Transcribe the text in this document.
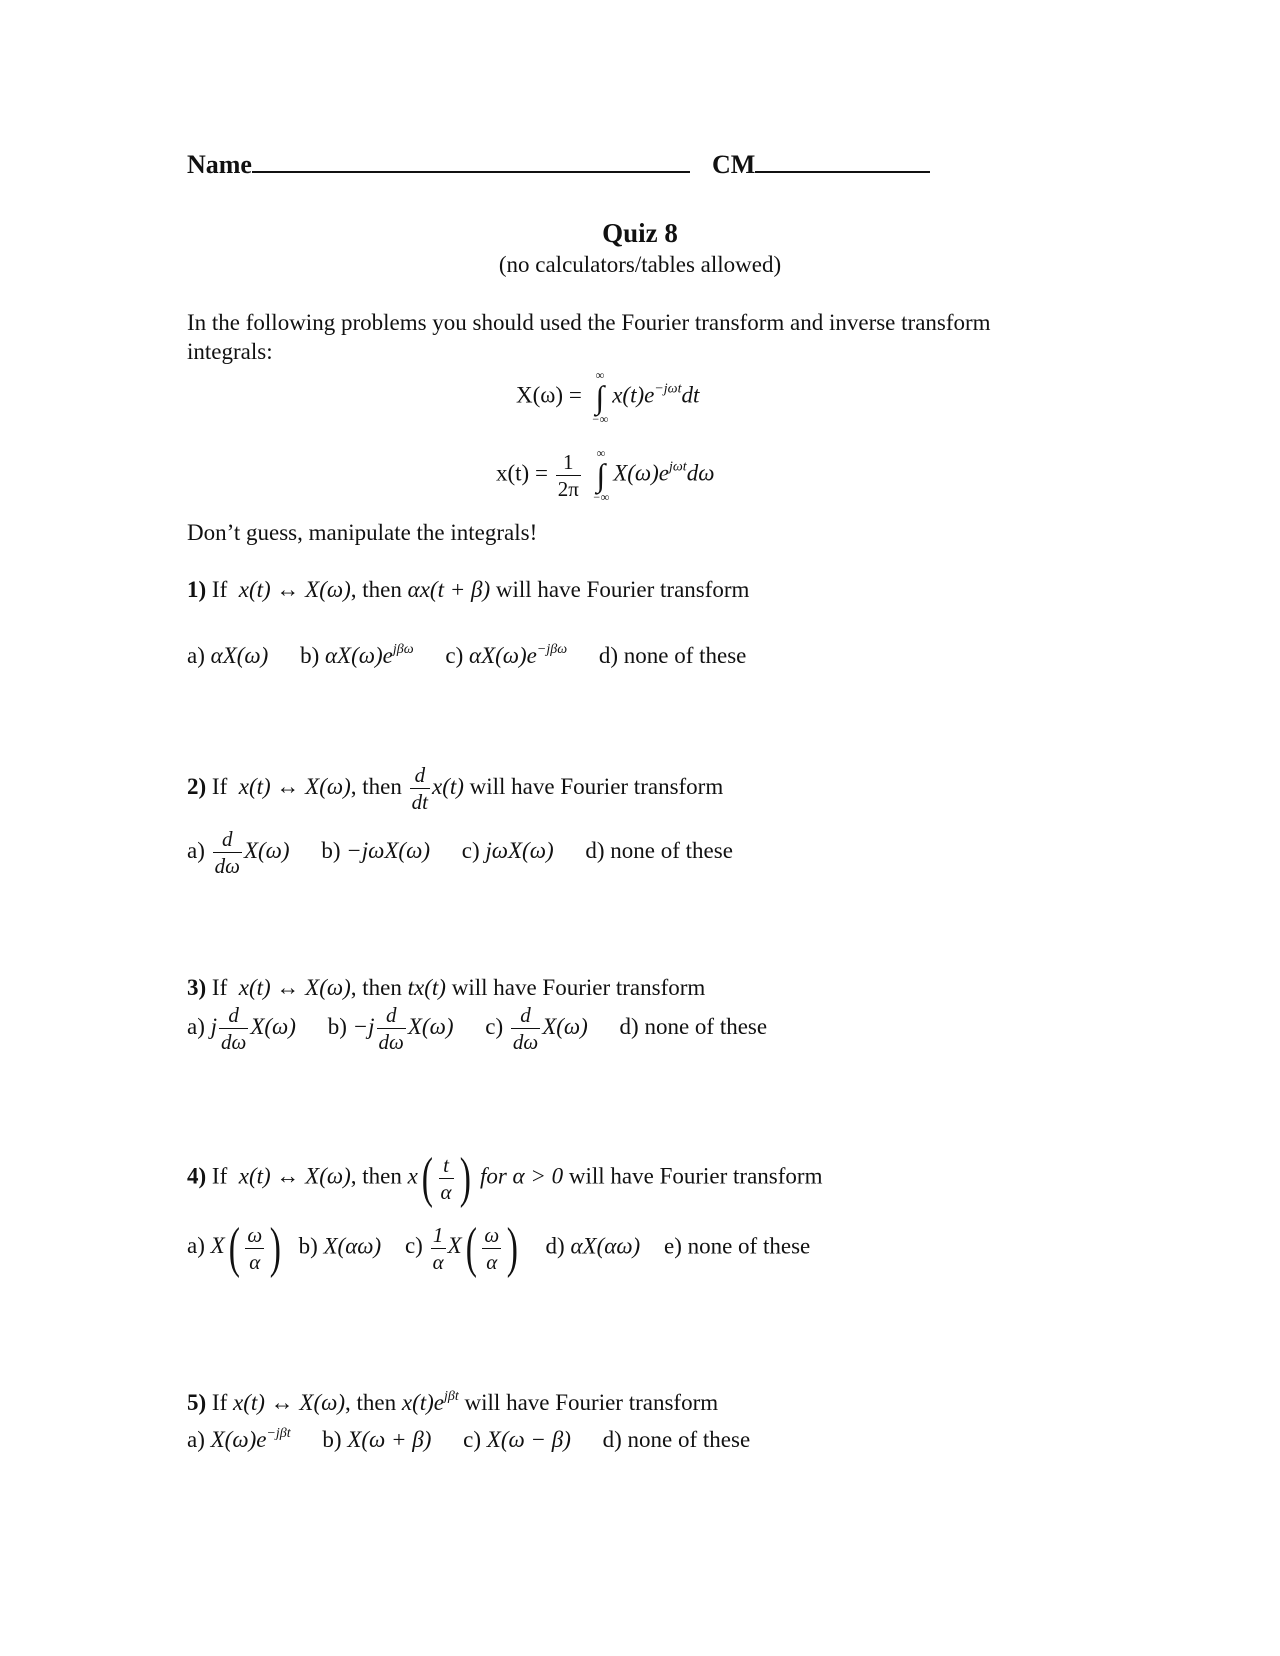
Name	CM
Quiz 8
(no calculators/tables allowed)
In the following problems you should used the Fourier transform and inverse transform
integrals:
X(ω) =
∞
∫
−∞
$x(t)e^{-j\omega t}dt$
$x(t) = \frac{1}{2\pi}$
	∞
∫
−∞
$X(\omega)e^{j\omega t}d\omega$
Don’t guess, manipulate the integrals!
1) If x(t) ↔ X(ω), then αx(t + β) will have Fourier transform
a) αX(ω) b) $\alpha X(\omega)e^{j\beta\omega}$ c) $\alpha X(\omega)e^{-j\beta\omega}$ d) none of these
2) If x(t) ↔ X(ω), then $\frac{d}{dt} x(t)$ will have Fourier transform
$a) \frac{d}{d\omega} X(\omega)$ b) −jωX(ω) c) jωX(ω) d) none of these
3) If x(t) ↔ X(ω), then tx(t) will have Fourier transform
a) j $\frac{d}{d\omega} X(\omega)$ $b) -j \frac{d}{d\omega} X(\omega)$ $c) \frac{d}{d\omega} X(\omega)$ d) none of these
4) If x(t) ↔ X(ω), then $x( \frac{t}{\alpha}$ ) for α > 0 will have Fourier transform
a) $X( \frac{\omega}{\alpha}$ ) b) X(αω) $c) \frac{1}{\alpha} X( \frac{\omega}{\alpha}$ ) d) αX(αω) e) none of these
5) If x(t) ↔ X(ω), then $x(t)e^{j\beta t}$ will have Fourier transform
a) $X(\omega)e^{-j\beta t}$ b) X(ω + β) c) X(ω − β) d) none of these
